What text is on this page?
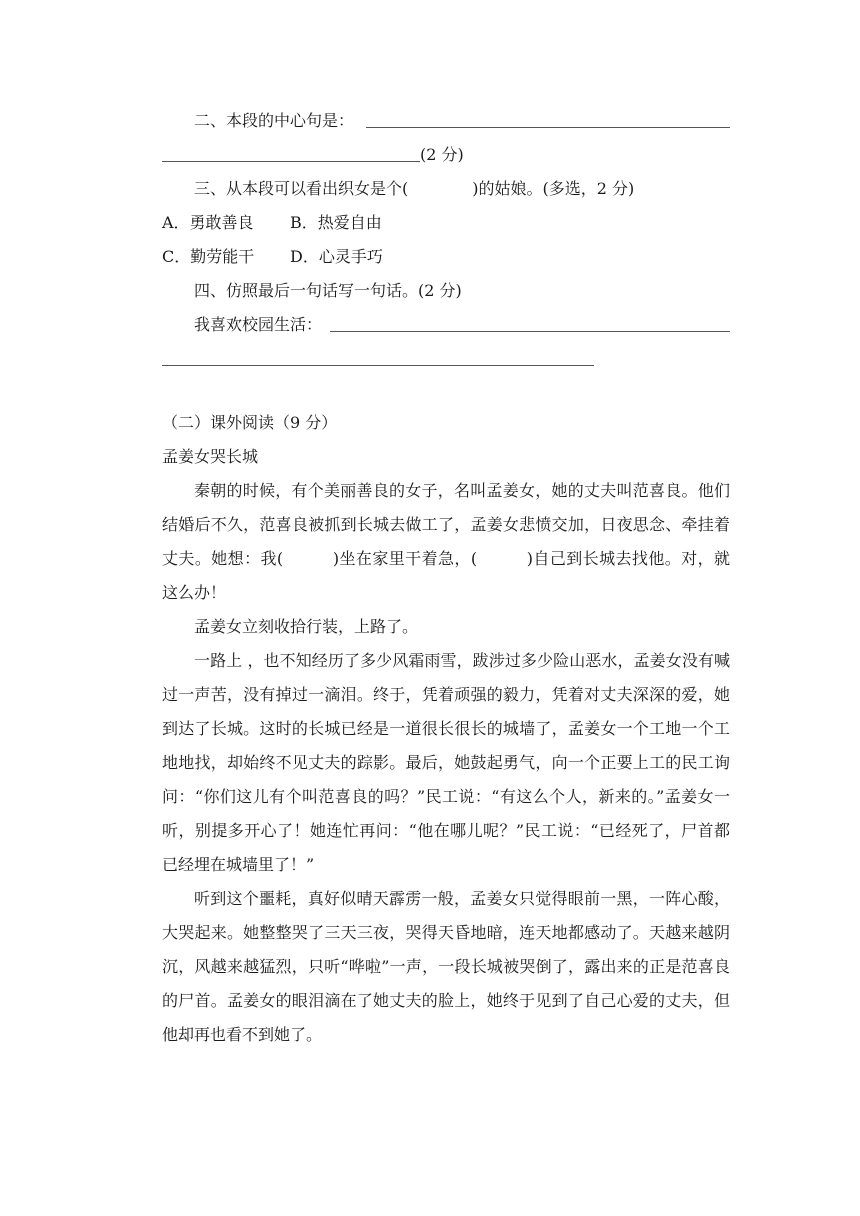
二、本段的中心句是：
(2 分)
三、从本段可以看出织女是个(	)的姑娘。(多选，2 分)
A．勇敢善良 B．热爱自由
C．勤劳能干 D．心灵手巧
四、仿照最后一句话写一句话。(2 分)
我喜欢校园生活：
（二）课外阅读（9 分）
孟姜女哭长城

秦朝的时候，有个美丽善良的女子，名叫孟姜女，她的丈夫叫范喜良。他们结婚后不久，范喜良被抓到长城去做工了，孟姜女悲愤交加，日夜思念、牵挂着丈夫。她想：我(　　　)坐在家里干着急，(　　　)自己到长城去找他。对，就这么办！

孟姜女立刻收拾行装，上路了。

一路上 ，也不知经历了多少风霜雨雪，跋涉过多少险山恶水，孟姜女没有喊过一声苦，没有掉过一滴泪。终于，凭着顽强的毅力，凭着对丈夫深深的爱，她到达了长城。这时的长城已经是一道很长很长的城墙了，孟姜女一个工地一个工地地找，却始终不见丈夫的踪影。最后，她鼓起勇气，向一个正要上工的民工询问：“你们这儿有个叫范喜良的吗？”民工说：“有这么个人，新来的。”孟姜女一听，别提多开心了！她连忙再问：“他在哪儿呢？”民工说：“已经死了，尸首都已经埋在城墙里了！”

听到这个噩耗，真好似晴天霹雳一般，孟姜女只觉得眼前一黑，一阵心酸，大哭起来。她整整哭了三天三夜，哭得天昏地暗，连天地都感动了。天越来越阴沉，风越来越猛烈，只听“哗啦”一声，一段长城被哭倒了，露出来的正是范喜良的尸首。孟姜女的眼泪滴在了她丈夫的脸上，她终于见到了自己心爱的丈夫，但他却再也看不到她了。
